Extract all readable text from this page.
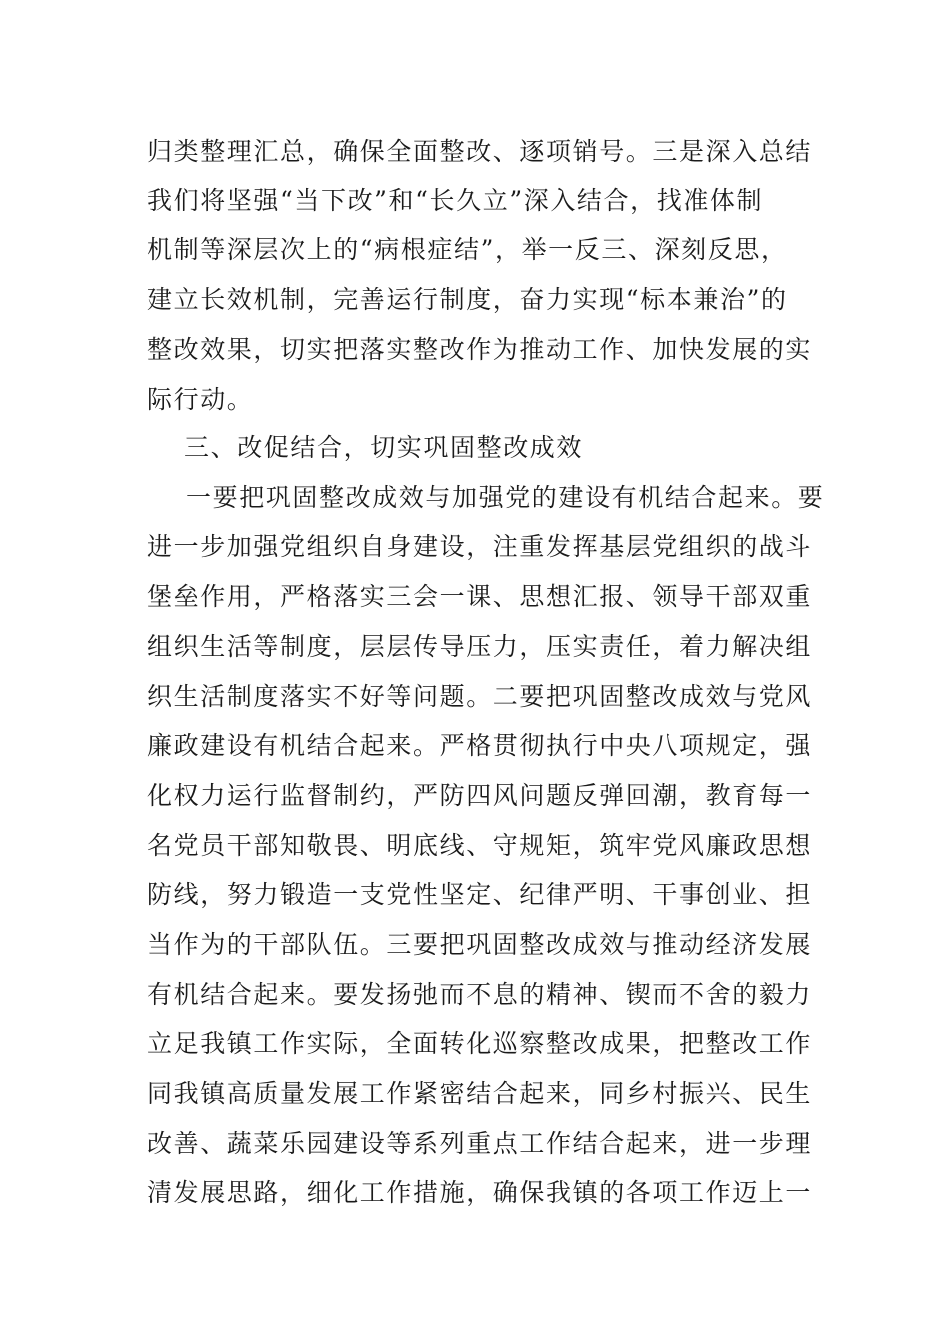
归类整理汇总，确保全面整改、逐项销号。三是深入总结
我们将坚强“当下改”和“长久立”深入结合，找准体制
机制等深层次上的“病根症结”，举一反三、深刻反思，
建立长效机制，完善运行制度，奋力实现“标本兼治”的
整改效果，切实把落实整改作为推动工作、加快发展的实
际行动。
三、改促结合，切实巩固整改成效
一要把巩固整改成效与加强党的建设有机结合起来。要
进一步加强党组织自身建设，注重发挥基层党组织的战斗
堡垒作用，严格落实三会一课、思想汇报、领导干部双重
组织生活等制度，层层传导压力，压实责任，着力解决组
织生活制度落实不好等问题。二要把巩固整改成效与党风
廉政建设有机结合起来。严格贯彻执行中央八项规定，强
化权力运行监督制约，严防四风问题反弹回潮，教育每一
名党员干部知敬畏、明底线、守规矩，筑牢党风廉政思想
防线，努力锻造一支党性坚定、纪律严明、干事创业、担
当作为的干部队伍。三要把巩固整改成效与推动经济发展
有机结合起来。要发扬弛而不息的精神、锲而不舍的毅力
立足我镇工作实际，全面转化巡察整改成果，把整改工作
同我镇高质量发展工作紧密结合起来，同乡村振兴、民生
改善、蔬菜乐园建设等系列重点工作结合起来，进一步理
清发展思路，细化工作措施，确保我镇的各项工作迈上一
